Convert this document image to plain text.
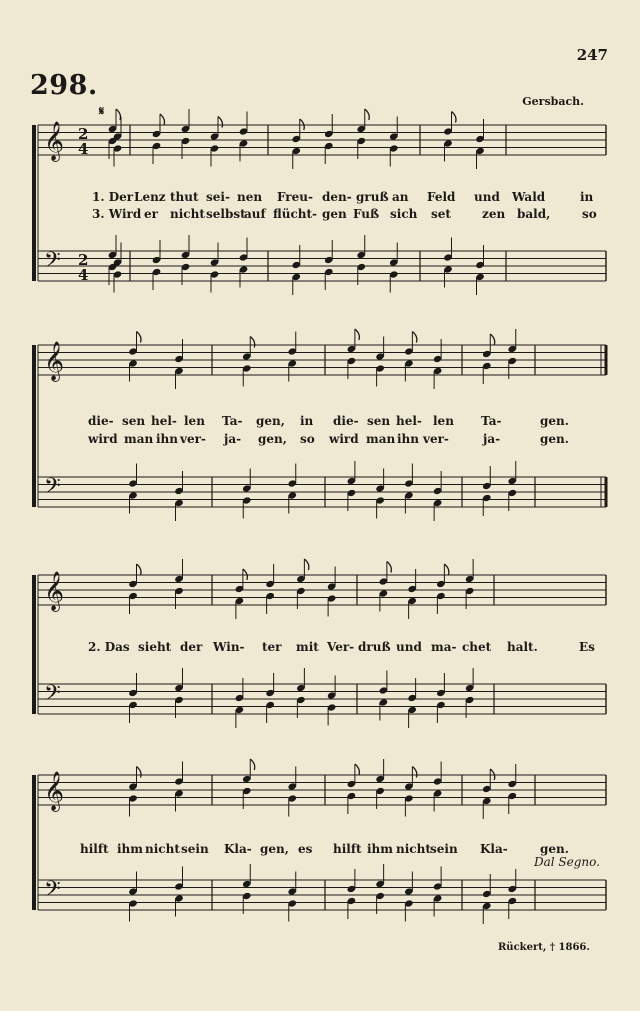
247
298.
Gersbach.
𝄋
𝄞 2
4
𝄢 2
4
𝄞
𝄢
𝄞
𝄢
𝄞
𝄢
1. Der Lenz thut sei- nen Freu- den- gruß an Feld und Wald	in
3. Wird er nicht selbst
auf flücht- gen Fuß sich set	zen bald,	so
die- sen hel- len Ta- gen, in die- sen hel- len Ta-	gen.
wird man ihn ver- ja- gen, so wird man ihn ver-	ja-	gen.
2. Das sieht der Win- ter mit Ver- druß und ma- chet halt.	Es
hilft ihm nicht sein Kla- gen, es hilft ihm nicht sein Kla-	gen.
Dal Segno.
Rückert, † 1866.
